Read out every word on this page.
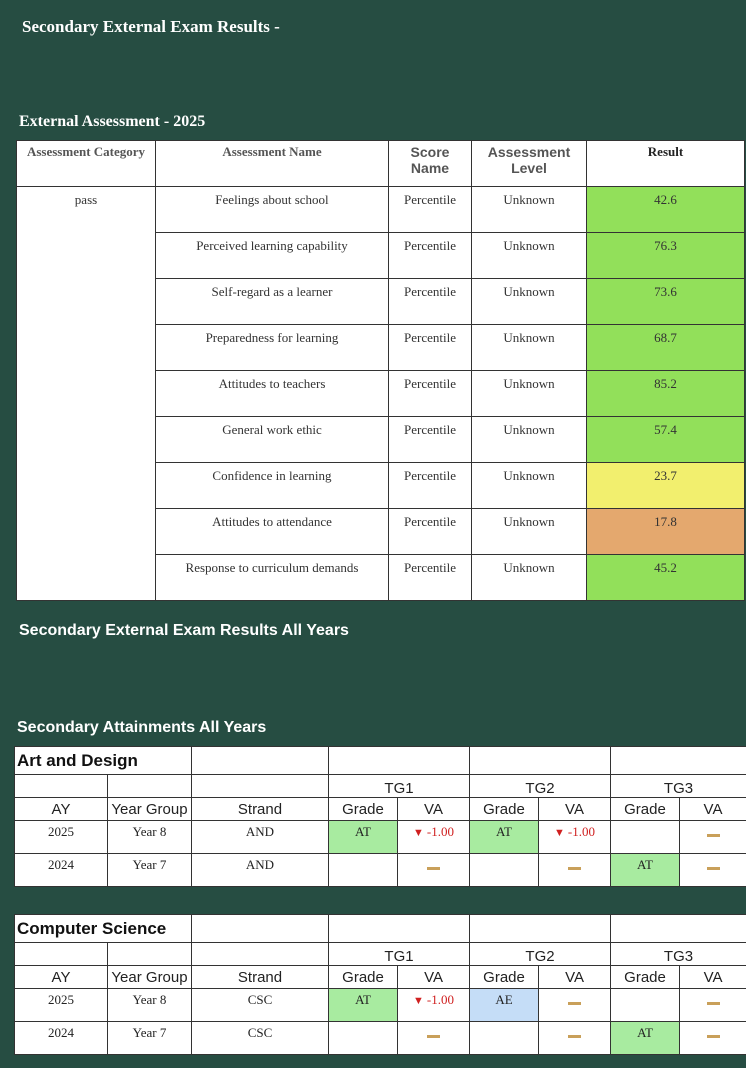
Secondary External Exam Results -
External Assessment - 2025
Assessment Category	Assessment Name	Score Name	Assessment Level	Result
pass	Feelings about school	Percentile	Unknown	42.6
	Perceived learning capability	Percentile	Unknown	76.3
	Self-regard as a learner	Percentile	Unknown	73.6
	Preparedness for learning	Percentile	Unknown	68.7
	Attitudes to teachers	Percentile	Unknown	85.2
	General work ethic	Percentile	Unknown	57.4
	Confidence in learning	Percentile	Unknown	23.7
	Attitudes to attendance	Percentile	Unknown	17.8
	Response to curriculum demands	Percentile	Unknown	45.2
Secondary External Exam Results All Years
Secondary Attainments All Years
Art and Design								
			TG1		TG2		TG3	
AY	Year Group	Strand	Grade	VA	Grade	VA	Grade	VA
2025	Year 8	AND	AT	▼ -1.00	AT	▼ -1.00		
2024	Year 7	AND					AT	
Computer Science								
			TG1		TG2		TG3	
AY	Year Group	Strand	Grade	VA	Grade	VA	Grade	VA
2025	Year 8	CSC	AT	▼ -1.00	AE			
2024	Year 7	CSC					AT	
